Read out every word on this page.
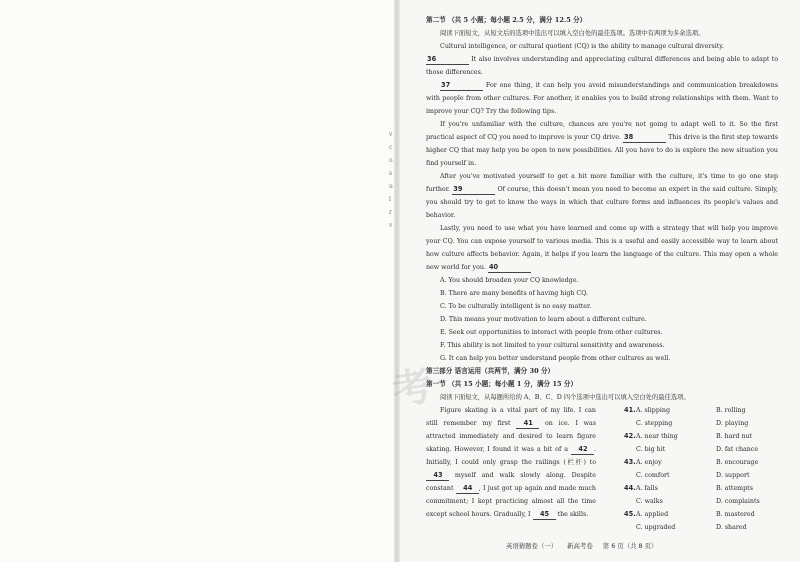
v
c
o
s
u
l
r
v
考

第二节 （共 5 小题；每小题 2.5 分，满分 12.5 分）

阅读下面短文，从短文后的选项中选出可以填入空白处的最佳选项。选项中有两项为多余选项。

Cultural intelligence, or cultural quotient (CQ) is the ability to manage cultural diversity.

36	It also involves understanding and appreciating cultural differences and being able to adapt to those differences.

37	For one thing, it can help you avoid misunderstandings and communication breakdowns with people from other cultures. For another, it enables you to build strong relationships with them. Want to improve your CQ? Try the following tips.

If you're unfamiliar with the culture, chances are you're not going to adapt well to it. So the first practical aspect of CQ you need to improve is your CQ drive. 38	This drive is the first step towards higher CQ that may help you be open to new possibilities. All you have to do is explore the new situation you find yourself in.

After you've motivated yourself to get a bit more familiar with the culture, it's time to go one step further. 39	Of course, this doesn't mean you need to become an expert in the said culture. Simply, you should try to get to know the ways in which that culture forms and influences its people's values and behavior.

Lastly, you need to use what you have learned and come up with a strategy that will help you improve your CQ. You can expose yourself to various media. This is a useful and easily accessible way to learn about how culture affects behavior. Again, it helps if you learn the language of the culture. This may open a whole new world for you. 40

A. You should broaden your CQ knowledge.

B. There are many benefits of having high CQ.

C. To be culturally intelligent is no easy matter.

D. This means your motivation to learn about a different culture.

E. Seek out opportunities to interact with people from other cultures.

F. This ability is not limited to your cultural sensitivity and awareness.

G. It can help you better understand people from other cultures as well.

第三部分 语言运用（共两节，满分 30 分）

第一节 （共 15 小题；每小题 1 分，满分 15 分）

阅读下面短文，从每题所给的 A、B、C、D 四个选项中选出可以填入空白处的最佳选项。

Figure skating is a vital part of my life. I can still remember my first 41 on ice. I was attracted immediately and desired to learn figure skating. However, I found it was a bit of a 42 . Initially, I could only grasp the railings (栏杆) to 43 myself and walk slowly along. Despite constant 44 , I just got up again and made much commitment; I kept practicing almost all the time except school hours. Gradually, I 45 the skills.

41. A. slipping	B. rolling
C. stepping	D. playing
42. A. near thing	B. hard nut
C. big hit	D. fat chance
43. A. enjoy	B. encourage
C. comfort	D. support
44. A. falls	B. attempts
C. walks	D. complaints
45. A. applied	B. mastered
C. upgraded	D. shared
英语猜题卷（一） 新高考卷 第 6 页（共 8 页）
